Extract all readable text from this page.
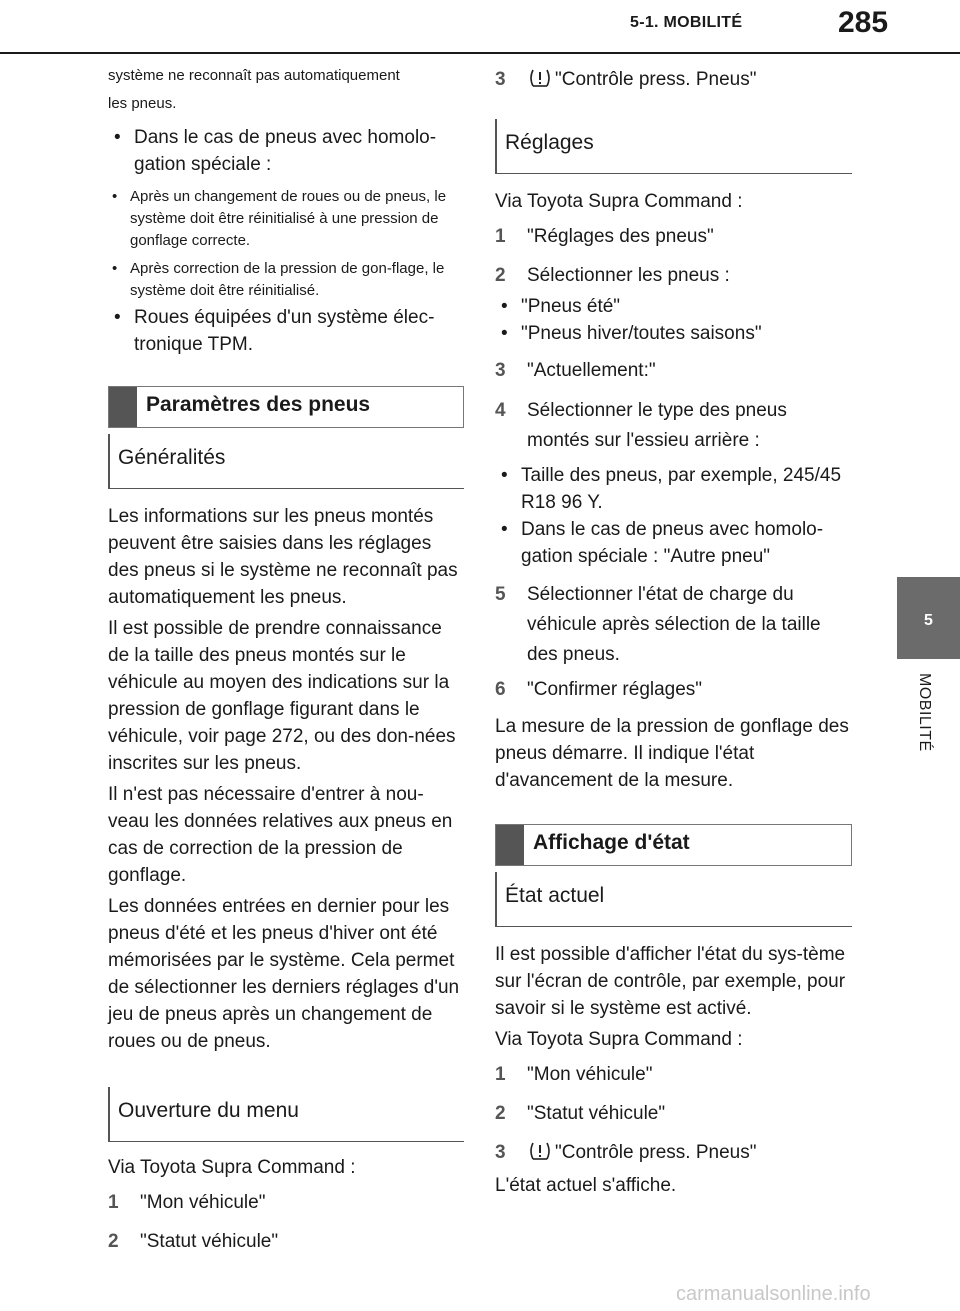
5-1. MOBILITÉ	285
5
MOBILITÉ

système ne reconnaît pas automatiquement

les pneus.

• Dans le cas de pneus avec homolo-gation spéciale :

• Après un changement de roues ou de pneus, le système doit être réinitialisé à une pression de gonflage correcte.

• Après correction de la pression de gon-flage, le système doit être réinitialisé.

• Roues équipées d'un système élec-tronique TPM.

Paramètres des pneus
Généralités

Les informations sur les pneus montés peuvent être saisies dans les réglages des pneus si le système ne reconnaît pas automatiquement les pneus.

Il est possible de prendre connaissance de la taille des pneus montés sur le véhicule au moyen des indications sur la pression de gonflage figurant dans le véhicule, voir page 272, ou des don-nées inscrites sur les pneus.

Il n'est pas nécessaire d'entrer à nou-veau les données relatives aux pneus en cas de correction de la pression de gonflage.

Les données entrées en dernier pour les pneus d'été et les pneus d'hiver ont été mémorisées par le système. Cela permet de sélectionner les derniers réglages d'un jeu de pneus après un changement de roues ou de pneus.

Ouverture du menu

Via Toyota Supra Command :

1 "Mon véhicule"
2 "Statut véhicule"
3	"Contrôle press. Pneus"
Réglages

Via Toyota Supra Command :

1 "Réglages des pneus"
2 Sélectionner les pneus :

• "Pneus été"

• "Pneus hiver/toutes saisons"

3 "Actuellement:"
4 Sélectionner le type des pneus montés sur l'essieu arrière :

• Taille des pneus, par exemple, 245/45 R18 96 Y.

• Dans le cas de pneus avec homolo-gation spéciale : "Autre pneu"

5 Sélectionner l'état de charge du véhicule après sélection de la taille des pneus.
6 "Confirmer réglages"

La mesure de la pression de gonflage des pneus démarre. Il indique l'état d'avancement de la mesure.

Affichage d'état
État actuel

Il est possible d'afficher l'état du sys-tème sur l'écran de contrôle, par exemple, pour savoir si le système est activé.

Via Toyota Supra Command :

1 "Mon véhicule"
2 "Statut véhicule"
3	"Contrôle press. Pneus"

L'état actuel s'affiche.

carmanualsonline.info
